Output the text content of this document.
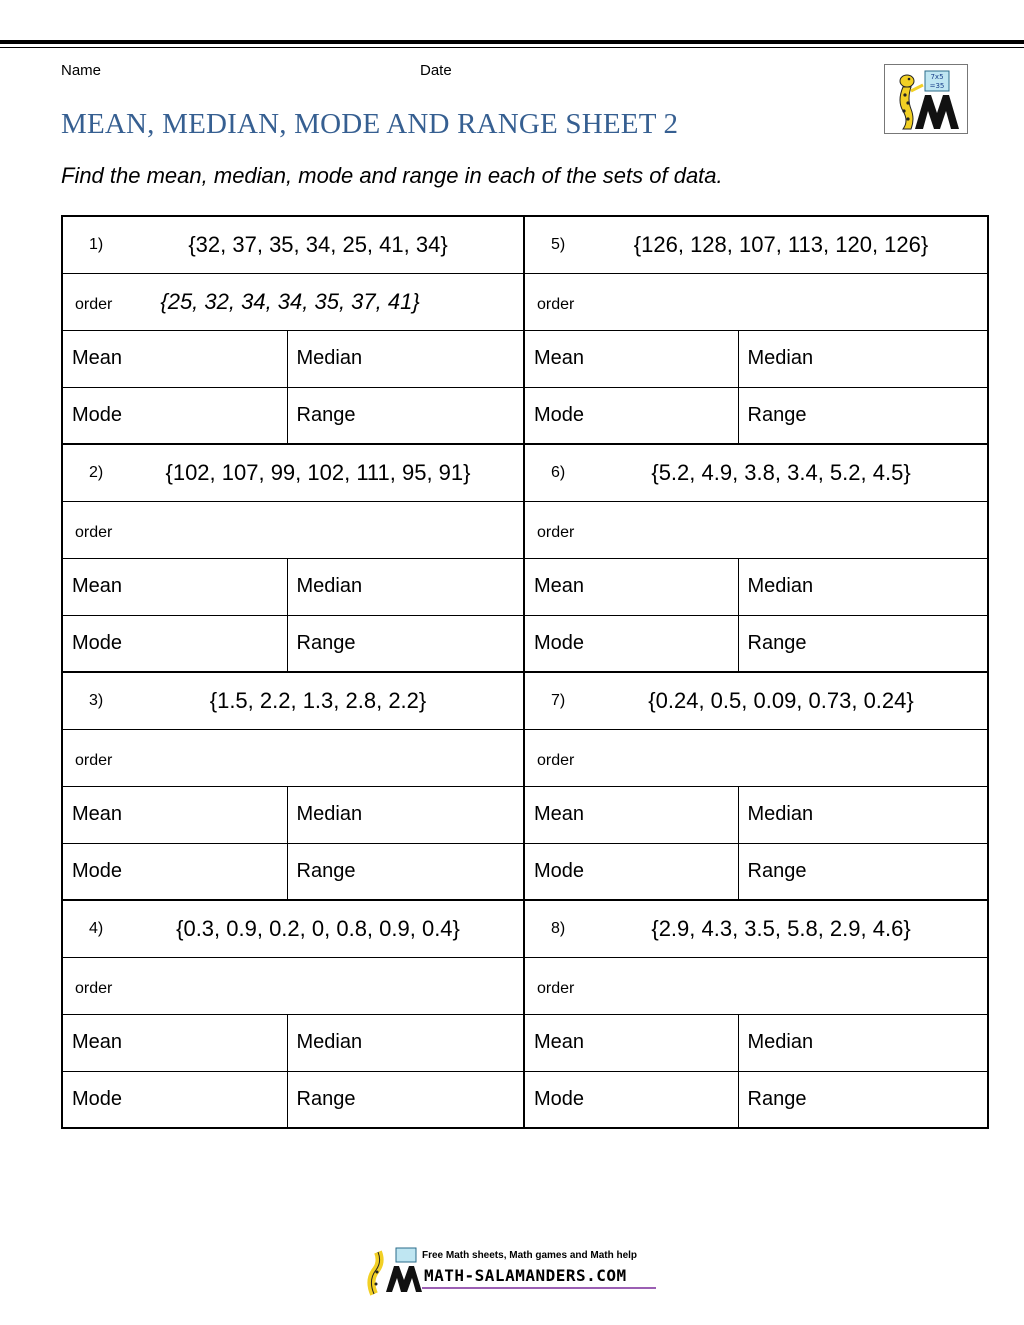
Name	Date
MEAN, MEDIAN, MODE AND RANGE SHEET 2
Find the mean, median, mode and range in each of the sets of data.
7x5
=35
1) {32, 37, 35, 34, 25, 41, 34}		5) {126, 128, 107, 113, 120, 126}	

order {25, 32, 34, 34, 35, 37, 41}		order	
Mean	Median	Mean	Median
Mode	Range	Mode	Range

2) {102, 107, 99, 102, 111, 95, 91}		6) {5.2, 4.9, 3.8, 3.4, 5.2, 4.5}	

order		order	
Mean	Median	Mean	Median
Mode	Range	Mode	Range

3) {1.5, 2.2, 1.3, 2.8, 2.2}		7) {0.24, 0.5, 0.09, 0.73, 0.24}	

order		order	
Mean	Median	Mean	Median
Mode	Range	Mode	Range

4) {0.3, 0.9, 0.2, 0, 0.8, 0.9, 0.4}		8) {2.9, 4.3, 3.5, 5.8, 2.9, 4.6}	

order		order	
Mean	Median	Mean	Median
Mode	Range	Mode	Range
Free Math sheets, Math games and Math help
MATH-SALAMANDERS.COM
